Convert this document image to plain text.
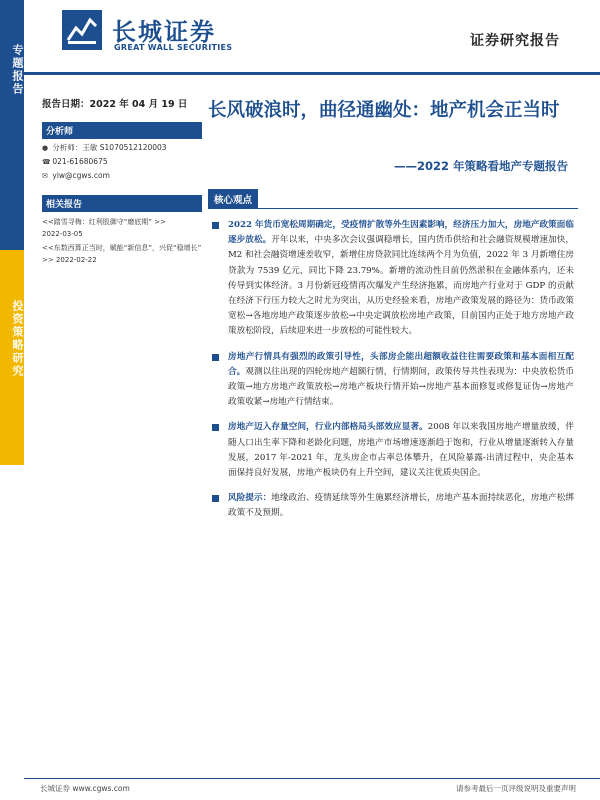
专题报告
投资策略研究
长城证券
GREAT WALL SECURITIES	证券研究报告
报告日期：2022 年 04 月 19 日
分析师
● 分析师：王敏 S1070512120003
☎ 021-61680675
✉ yiw@cgws.com
相关报告
<<踏雪寻梅：红利股御守“磨底期” >>
2022-03-05
<<东数西算正当时，赋能“新信息”，兴促“稳增长” >> 2022-02-22
长风破浪时，曲径通幽处：地产机会正当时
——2022 年策略看地产专题报告
核心观点
2022 年货币宽松周期确定，受疫情扩散等外生因素影响，经济压力加大，房地产政策面临逐步放松。开年以来，中央多次会议强调稳增长，国内货币供给和社会融资规模增速加快，M2 和社会融资增速差收窄，新增住房贷款同比连续两个月为负值，2022 年 3 月新增住房贷款为 7539 亿元，同比下降 23.79%。新增的流动性目前仍然淤积在金融体系内，还未传导到实体经济。3 月份新冠疫情再次爆发产生经济拖累，而房地产行业对于 GDP 的贡献在经济下行压力较大之时尤为突出，从历史经验来看，房地产政策发展的路径为：货币政策宽松→各地房地产政策逐步放松→中央定调放松房地产政策，目前国内正处于地方房地产政策放松阶段，后续迎来进一步放松的可能性较大。
房地产行情具有强烈的政策引导性，头部房企能出超额收益往往需要政策和基本面相互配合。观测以往出现的四轮房地产超额行情，行情期间，政策传导共性表现为：中央放松货币政策→地方房地产政策放松→房地产板块行情开始→房地产基本面修复或修复证伪→房地产政策收紧→房地产行情结束。
房地产迈入存量空间，行业内部格局头部效应显著。2008 年以来我国房地产增量放缓，伴随人口出生率下降和老龄化问题，房地产市场增速逐渐趋于饱和，行业从增量逐渐转入存量发展，2017 年-2021 年，龙头房企市占率总体攀升，在风险暴露-出清过程中，央企基本面保持良好发展，房地产板块仍有上升空间，建议关注优质央国企。
风险提示：地缘政治、疫情延续等外生施累经济增长，房地产基本面持续恶化，房地产松绑政策不及预期。
长城证券 www.cgws.com	请参考最后一页评级说明及重要声明
